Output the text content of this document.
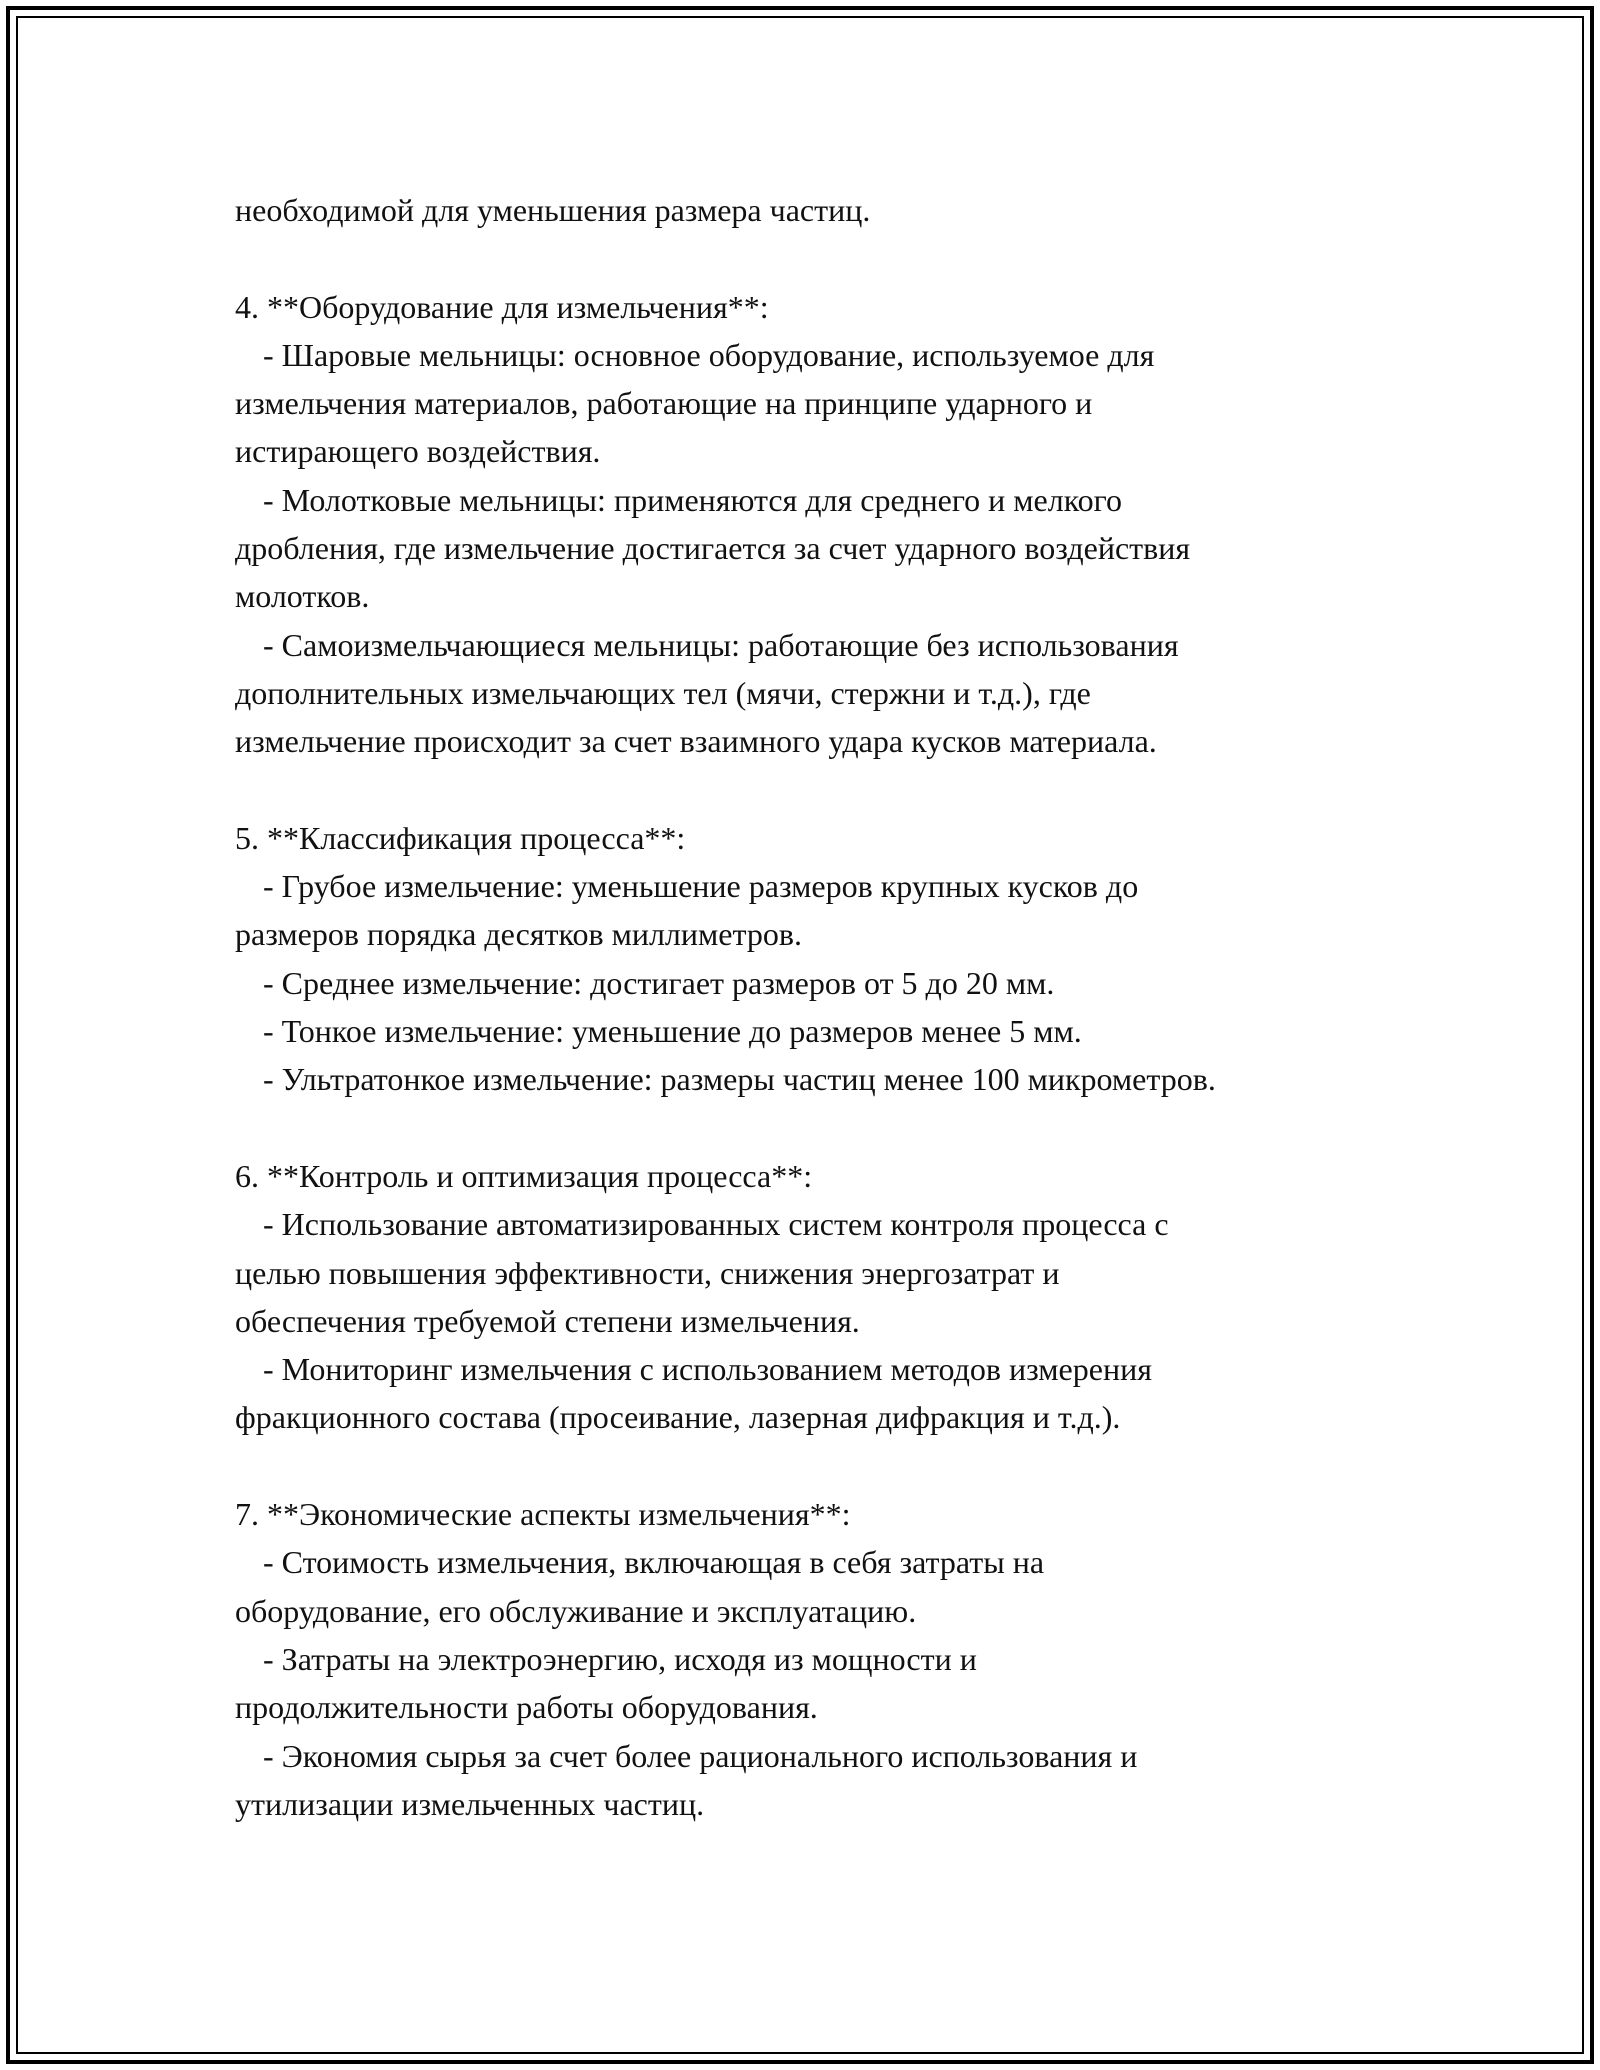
необходимой для уменьшения размера частиц.
4. **Оборудование для измельчения**:
- Шаровые мельницы: основное оборудование, используемое для
измельчения материалов, работающие на принципе ударного и
истирающего воздействия.
- Молотковые мельницы: применяются для среднего и мелкого
дробления, где измельчение достигается за счет ударного воздействия
молотков.
- Самоизмельчающиеся мельницы: работающие без использования
дополнительных измельчающих тел (мячи, стержни и т.д.), где
измельчение происходит за счет взаимного удара кусков материала.
5. **Классификация процесса**:
- Грубое измельчение: уменьшение размеров крупных кусков до
размеров порядка десятков миллиметров.
- Среднее измельчение: достигает размеров от 5 до 20 мм.
- Тонкое измельчение: уменьшение до размеров менее 5 мм.
- Ультратонкое измельчение: размеры частиц менее 100 микрометров.
6. **Контроль и оптимизация процесса**:
- Использование автоматизированных систем контроля процесса с
целью повышения эффективности, снижения энергозатрат и
обеспечения требуемой степени измельчения.
- Мониторинг измельчения с использованием методов измерения
фракционного состава (просеивание, лазерная дифракция и т.д.).
7. **Экономические аспекты измельчения**:
- Стоимость измельчения, включающая в себя затраты на
оборудование, его обслуживание и эксплуатацию.
- Затраты на электроэнергию, исходя из мощности и
продолжительности работы оборудования.
- Экономия сырья за счет более рационального использования и
утилизации измельченных частиц.
